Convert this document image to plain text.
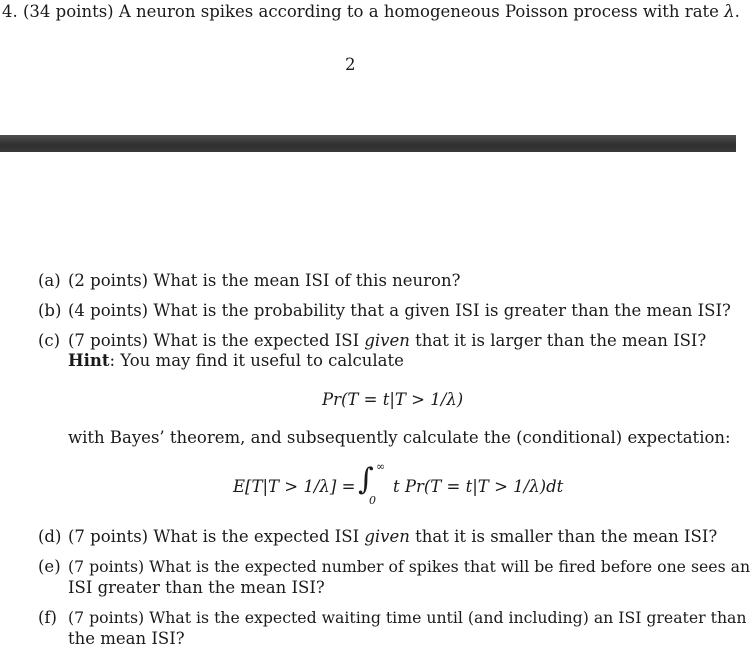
4. (34 points) A neuron spikes according to a homogeneous Poisson process with rate λ.
2
(a) (2 points) What is the mean ISI of this neuron?
(b) (4 points) What is the probability that a given ISI is greater than the mean ISI?
(c) (7 points) What is the expected ISI given that it is larger than the mean ISI?
Hint: You may find it useful to calculate
Pr(T = t|T > 1/λ)
with Bayes’ theorem, and subsequently calculate the (conditional) expectation:
E[T|T > 1/λ] = ∫ ∞
0
t Pr(T = t|T > 1/λ)dt
(d) (7 points) What is the expected ISI given that it is smaller than the mean ISI?
(e) (7 points) What is the expected number of spikes that will be fired before one sees an
ISI greater than the mean ISI?
(f) (7 points) What is the expected waiting time until (and including) an ISI greater than
the mean ISI?
